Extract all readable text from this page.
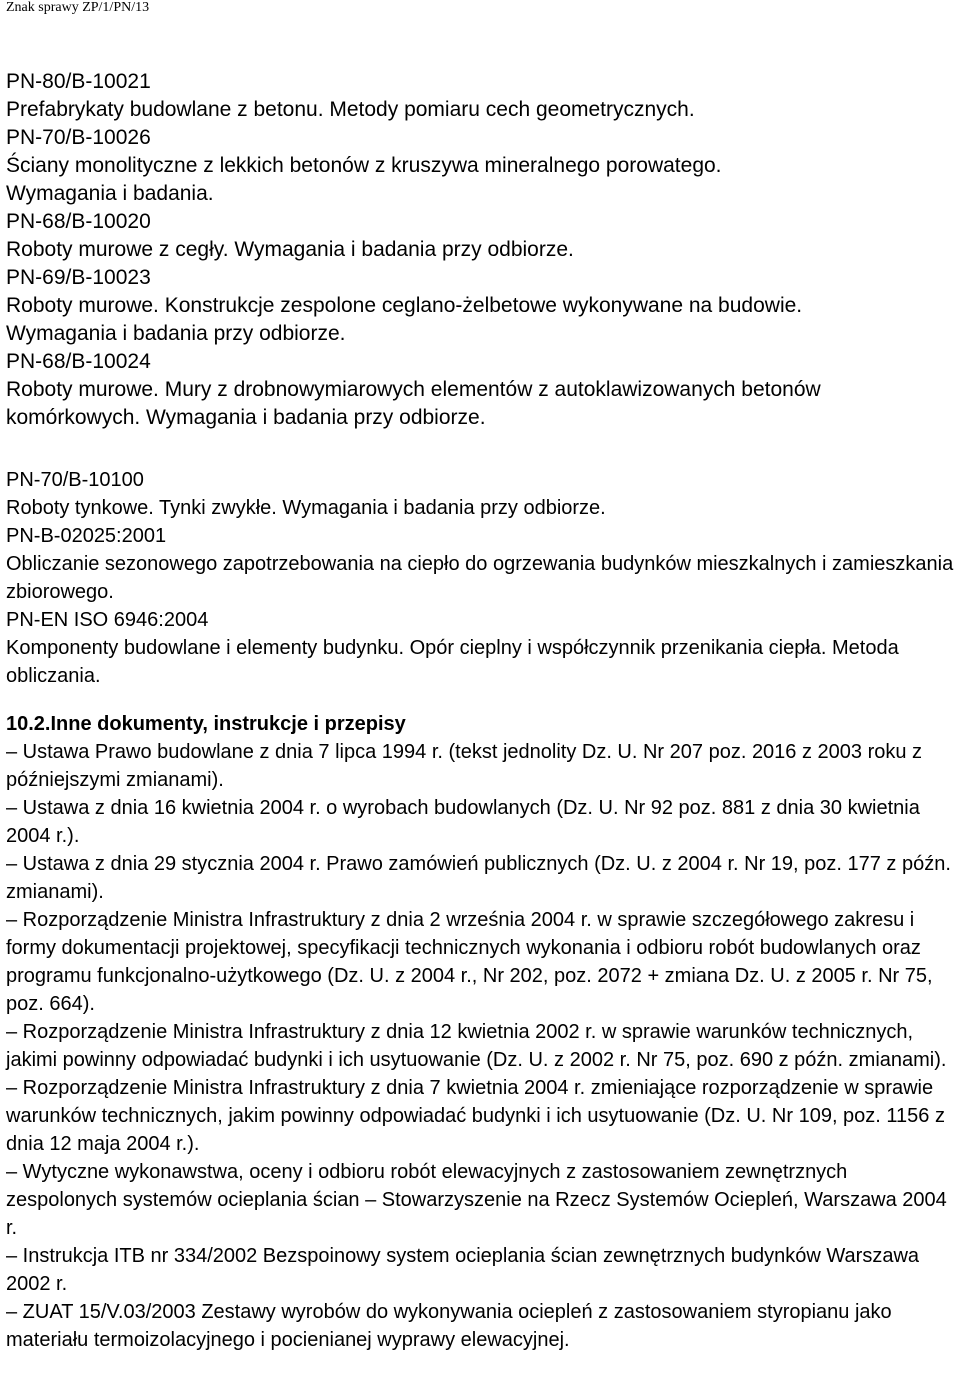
Znak sprawy ZP/1/PN/13

PN-80/B-10021

Prefabrykaty budowlane z betonu. Metody pomiaru cech geometrycznych.

PN-70/B-10026

Ściany monolityczne z lekkich betonów z kruszywa mineralnego porowatego.

Wymagania i badania.

PN-68/B-10020

Roboty murowe z cegły. Wymagania i badania przy odbiorze.

PN-69/B-10023

Roboty murowe. Konstrukcje zespolone ceglano-żelbetowe wykonywane na budowie.

Wymagania i badania przy odbiorze.

PN-68/B-10024

Roboty murowe. Mury z drobnowymiarowych elementów z autoklawizowanych betonów

komórkowych. Wymagania i badania przy odbiorze.

PN-70/B-10100
Roboty tynkowe. Tynki zwykłe. Wymagania i badania przy odbiorze.
PN-B-02025:2001
Obliczanie sezonowego zapotrzebowania na ciepło do ogrzewania budynków mieszkalnych i zamieszkania zbiorowego.
PN-EN ISO 6946:2004
Komponenty budowlane i elementy budynku. Opór cieplny i współczynnik przenikania ciepła. Metoda obliczania.

10.2.Inne dokumenty, instrukcje i przepisy

– Ustawa Prawo budowlane z dnia 7 lipca 1994 r. (tekst jednolity Dz. U. Nr 207 poz. 2016 z 2003 roku z późniejszymi zmianami).

– Ustawa z dnia 16 kwietnia 2004 r. o wyrobach budowlanych (Dz. U. Nr 92 poz. 881 z dnia 30 kwietnia 2004 r.).

– Ustawa z dnia 29 stycznia 2004 r. Prawo zamówień publicznych (Dz. U. z 2004 r. Nr 19, poz. 177 z późn. zmianami).

– Rozporządzenie Ministra Infrastruktury z dnia 2 września 2004 r. w sprawie szczegółowego zakresu i formy dokumentacji projektowej, specyfikacji technicznych wykonania i odbioru robót budowlanych oraz programu funkcjonalno-użytkowego (Dz. U. z 2004 r., Nr 202, poz. 2072 + zmiana Dz. U. z 2005 r. Nr 75, poz. 664).

– Rozporządzenie Ministra Infrastruktury z dnia 12 kwietnia 2002 r. w sprawie warunków technicznych, jakimi powinny odpowiadać budynki i ich usytuowanie (Dz. U. z 2002 r. Nr 75, poz. 690 z późn. zmianami).

– Rozporządzenie Ministra Infrastruktury z dnia 7 kwietnia 2004 r. zmieniające rozporządzenie w sprawie warunków technicznych, jakim powinny odpowiadać budynki i ich usytuowanie (Dz. U. Nr 109, poz. 1156 z dnia 12 maja 2004 r.).

– Wytyczne wykonawstwa, oceny i odbioru robót elewacyjnych z zastosowaniem zewnętrznych zespolonych systemów ocieplania ścian – Stowarzyszenie na Rzecz Systemów Ociepleń, Warszawa 2004 r.

– Instrukcja ITB nr 334/2002 Bezspoinowy system ocieplania ścian zewnętrznych budynków Warszawa 2002 r.

– ZUAT 15/V.03/2003 Zestawy wyrobów do wykonywania ociepleń z zastosowaniem styropianu jako materiału termoizolacyjnego i pocienianej wyprawy elewacyjnej.
